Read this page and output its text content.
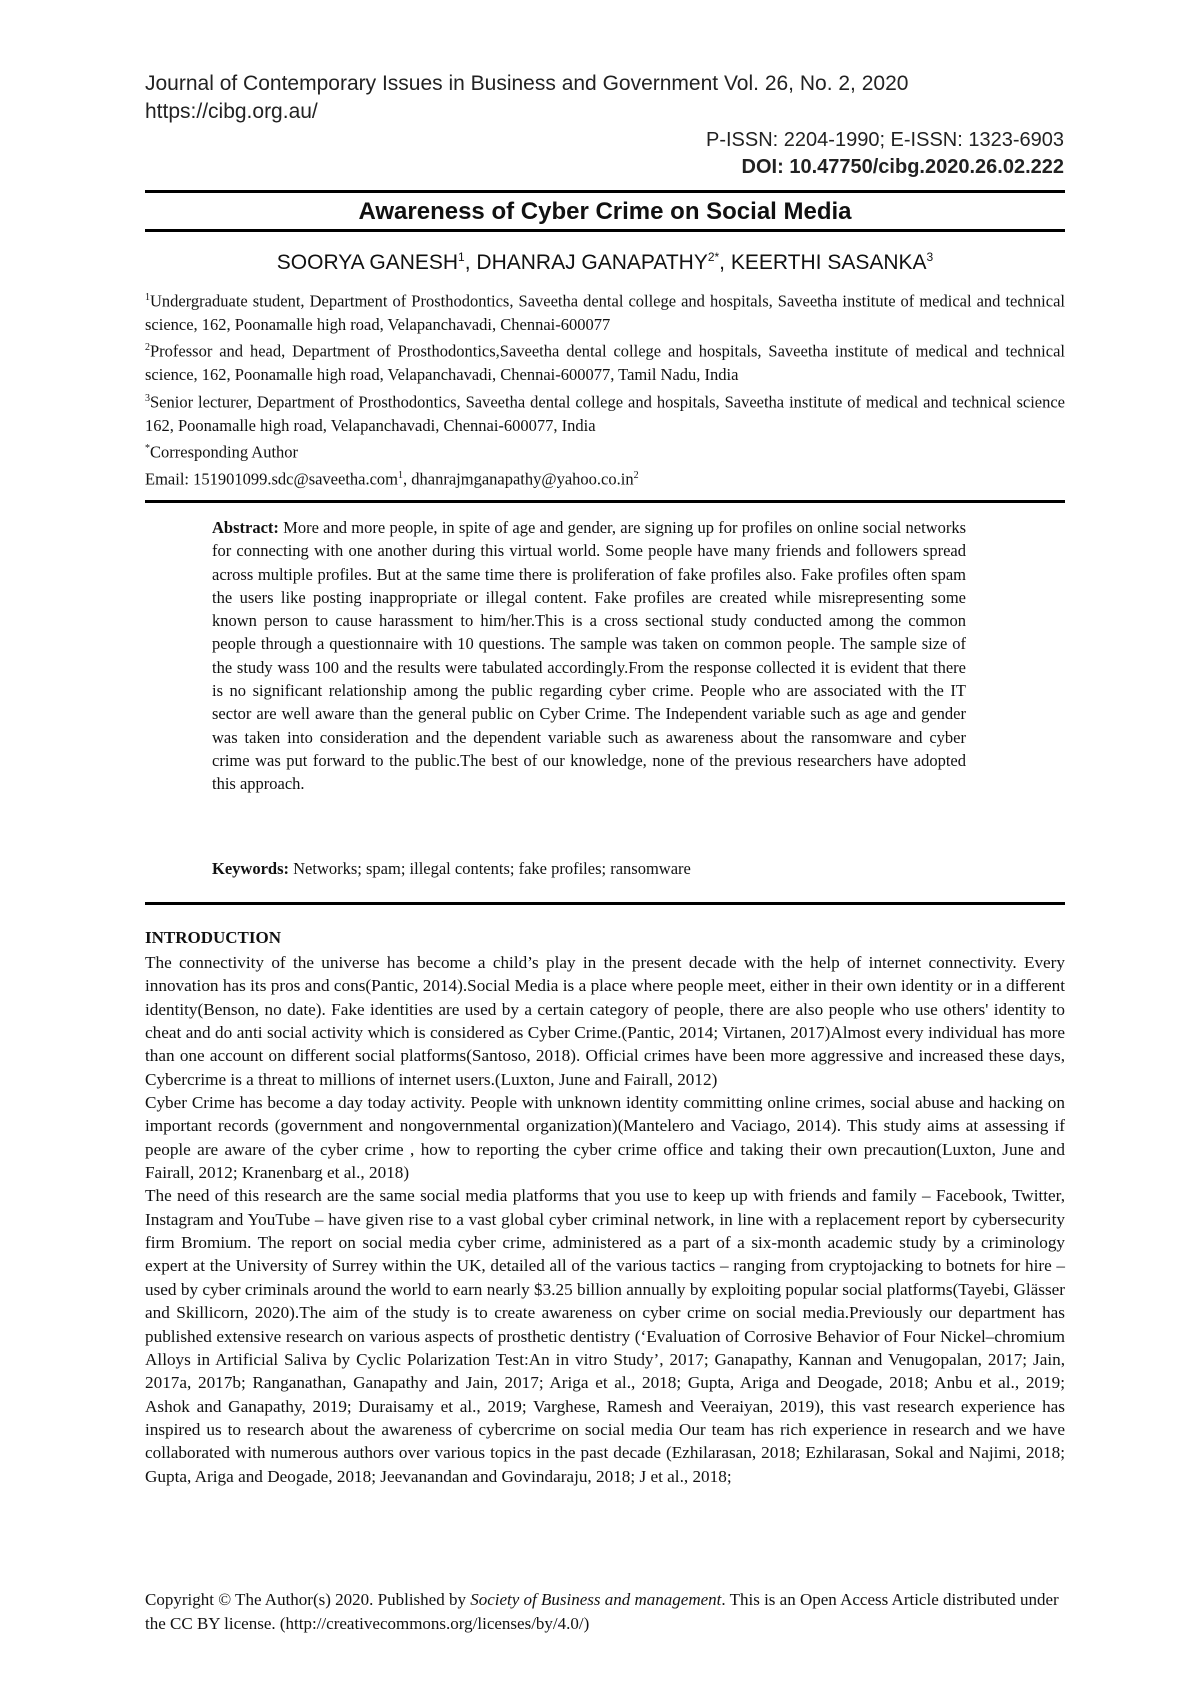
Journal of Contemporary Issues in Business and Government Vol. 26, No. 2, 2020
https://cibg.org.au/
P-ISSN: 2204-1990; E-ISSN: 1323-6903
DOI: 10.47750/cibg.2020.26.02.222
Awareness of Cyber Crime on Social Media
SOORYA GANESH$^1$, DHANRAJ $GANAPATHY^{2*}$, KEERTHI SASANKA$^3$

$^1$Undergraduate student, Department of Prosthodontics, Saveetha dental college and hospitals, Saveetha institute of medical and technical science, 162, Poonamalle high road, Velapanchavadi, Chennai-600077

$^2$Professor and head, Department of Prosthodontics,Saveetha dental college and hospitals, Saveetha institute of medical and technical science, 162, Poonamalle high road, Velapanchavadi, Chennai-600077, Tamil Nadu, India

$^3$Senior lecturer, Department of Prosthodontics, Saveetha dental college and hospitals, Saveetha institute of medical and technical science 162, Poonamalle high road, Velapanchavadi, Chennai-600077, India

*Corresponding Author

Email: 151901099.sdc@saveetha.com$^1$, $dhanrajmganapathy@yahoo.co.in^2$

Abstract: More and more people, in spite of age and gender, are signing up for profiles on online social networks for connecting with one another during this virtual world. Some people have many friends and followers spread across multiple profiles. But at the same time there is proliferation of fake profiles also. Fake profiles often spam the users like posting inappropriate or illegal content. Fake profiles are created while misrepresenting some known person to cause harassment to him/her.This is a cross sectional study conducted among the common people through a questionnaire with 10 questions. The sample was taken on common people. The sample size of the study wass 100 and the results were tabulated accordingly.From the response collected it is evident that there is no significant relationship among the public regarding cyber crime. People who are associated with the IT sector are well aware than the general public on Cyber Crime. The Independent variable such as age and gender was taken into consideration and the dependent variable such as awareness about the ransomware and cyber crime was put forward to the public.The best of our knowledge, none of the previous researchers have adopted this approach.
Keywords: Networks; spam; illegal contents; fake profiles; ransomware
INTRODUCTION

The connectivity of the universe has become a child’s play in the present decade with the help of internet connectivity. Every innovation has its pros and cons(Pantic, 2014).Social Media is a place where people meet, either in their own identity or in a different identity(Benson, no date). Fake identities are used by a certain category of people, there are also people who use others' identity to cheat and do anti social activity which is considered as Cyber Crime.(Pantic, 2014; Virtanen, 2017)Almost every individual has more than one account on different social platforms(Santoso, 2018). Official crimes have been more aggressive and increased these days, Cybercrime is a threat to millions of internet users.(Luxton, June and Fairall, 2012)

Cyber Crime has become a day today activity. People with unknown identity committing online crimes, social abuse and hacking on important records (government and nongovernmental organization)(Mantelero and Vaciago, 2014). This study aims at assessing if people are aware of the cyber crime , how to reporting the cyber crime office and taking their own precaution(Luxton, June and Fairall, 2012; Kranenbarg et al., 2018)

The need of this research are the same social media platforms that you use to keep up with friends and family – Facebook, Twitter, Instagram and YouTube – have given rise to a vast global cyber criminal network, in line with a replacement report by cybersecurity firm Bromium. The report on social media cyber crime, administered as a part of a six-month academic study by a criminology expert at the University of Surrey within the UK, detailed all of the various tactics – ranging from cryptojacking to botnets for hire – used by cyber criminals around the world to earn nearly $3.25 billion annually by exploiting popular social platforms(Tayebi, Glässer and Skillicorn, 2020).The aim of the study is to create awareness on cyber crime on social media.Previously our department has published extensive research on various aspects of prosthetic dentistry (‘Evaluation of Corrosive Behavior of Four Nickel–chromium Alloys in Artificial Saliva by Cyclic Polarization Test:An in vitro Study’, 2017; Ganapathy, Kannan and Venugopalan, 2017; Jain, 2017a, 2017b; Ranganathan, Ganapathy and Jain, 2017; Ariga et al., 2018; Gupta, Ariga and Deogade, 2018; Anbu et al., 2019; Ashok and Ganapathy, 2019; Duraisamy et al., 2019; Varghese, Ramesh and Veeraiyan, 2019), this vast research experience has inspired us to research about the awareness of cybercrime on social media Our team has rich experience in research and we have collaborated with numerous authors over various topics in the past decade (Ezhilarasan, 2018; Ezhilarasan, Sokal and Najimi, 2018; Gupta, Ariga and Deogade, 2018; Jeevanandan and Govindaraju, 2018; J et al., 2018;

Copyright © The Author(s) 2020. Published by Society of Business and management. This is an Open Access Article distributed under the CC BY license. (http://creativecommons.org/licenses/by/4.0/)
